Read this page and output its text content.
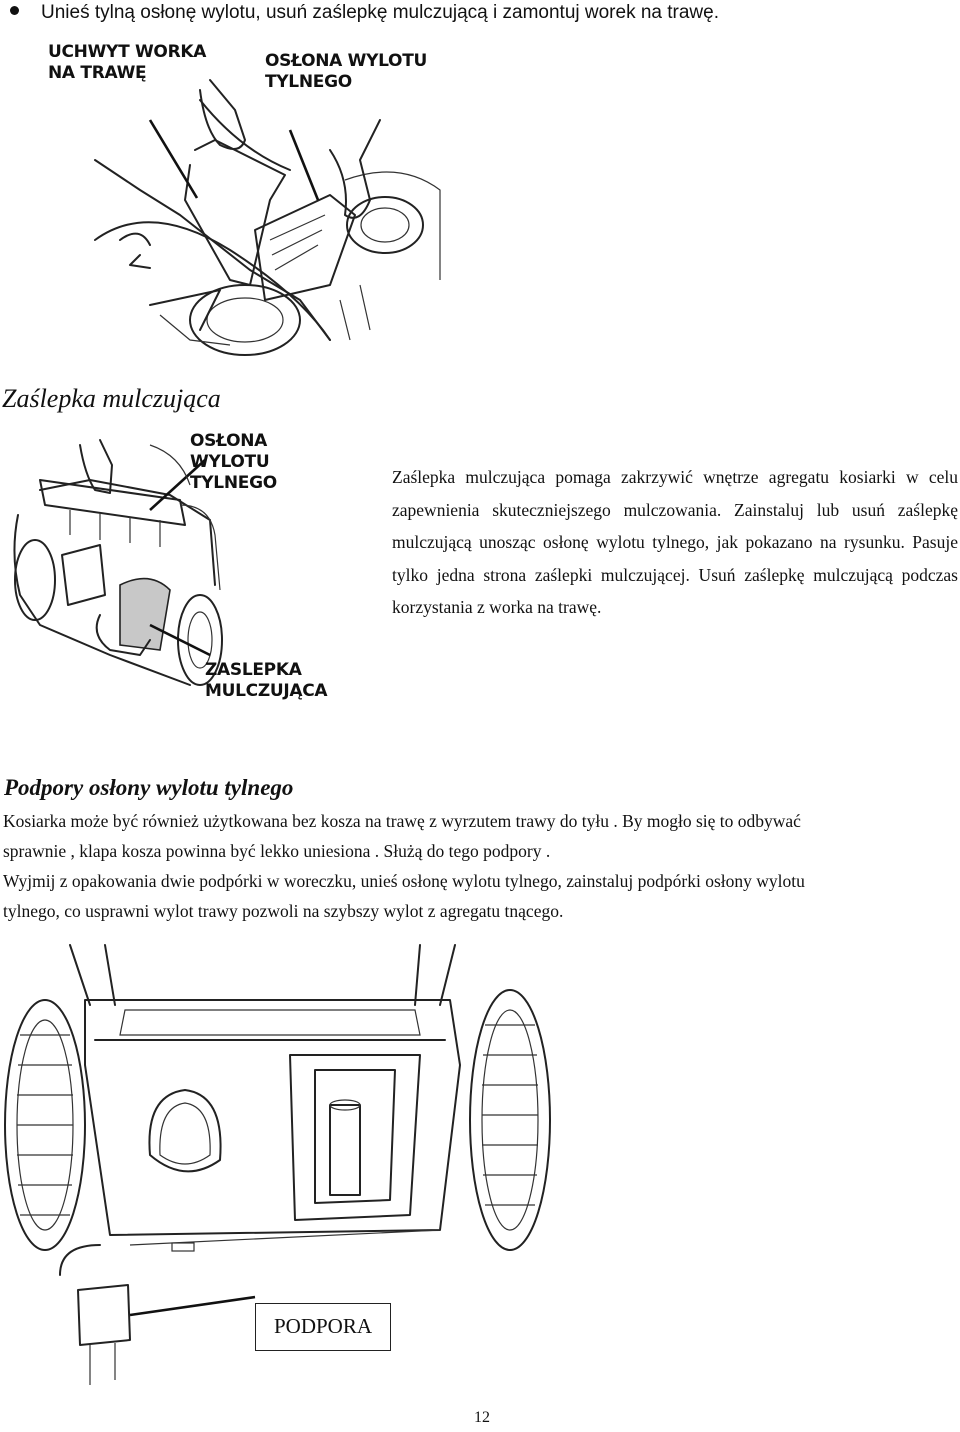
Unieś tylną osłonę wylotu, usuń zaślepkę mulczującą i zamontuj worek na trawę.
UCHWYT WORKA
NA TRAWĘ
OSŁONA WYLOTU
TYLNEGO
Zaślepka mulczująca
OSŁONA WYLOTU
TYLNEGO
ZASLEPKA
MULCZUJĄCA
Zaślepka mulczująca pomaga zakrzywić wnętrze agregatu kosiarki w celu zapewnienia skuteczniejszego mulczowania. Zainstaluj lub usuń zaślepkę mulczującą unosząc osłonę wylotu tylnego, jak pokazano na rysunku. Pasuje tylko jedna strona zaślepki mulczującej. Usuń zaślepkę mulczującą podczas korzystania z worka na trawę.
Podpory osłony wylotu tylnego
Kosiarka może być również użytkowana bez kosza na trawę z wyrzutem trawy do tyłu . By mogło się to odbywać
sprawnie , klapa kosza powinna być lekko uniesiona . Służą do tego podpory .
Wyjmij z opakowania dwie podpórki w woreczku, unieś osłonę wylotu tylnego, zainstaluj podpórki osłony wylotu
tylnego, co usprawni wylot trawy pozwoli na szybszy wylot z agregatu tnącego.
PODPORA
12
